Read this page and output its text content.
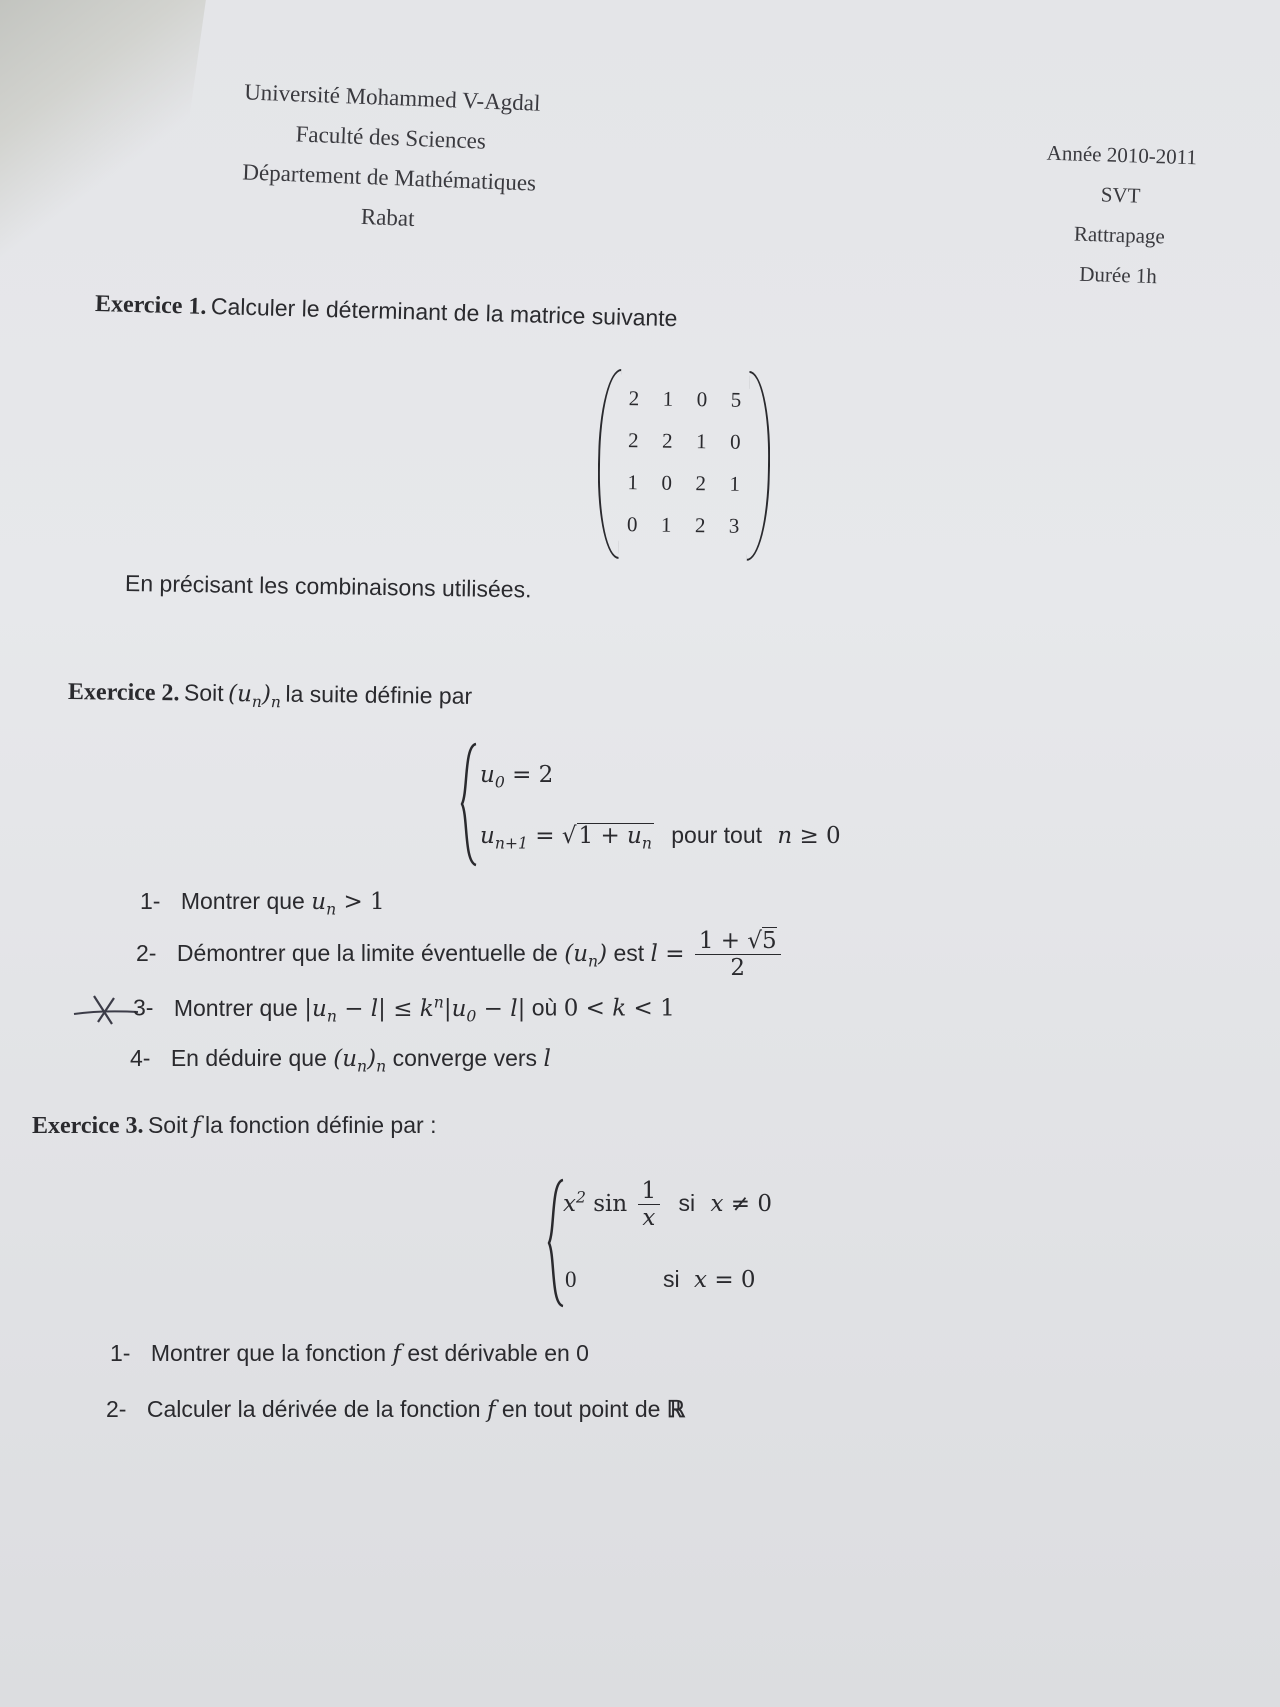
Université Mohammed V-Agdal
Faculté des Sciences
Département de Mathématiques
Rabat
Année 2010-2011
SVT
Rattrapage
Durée 1h
Exercice 1. Calculer le déterminant de la matrice suivante
2	1	0	5
2	2	1	0
1	0	2	1
0	1	2	3
En précisant les combinaisons utilisées.
Exercice 2. Soit $(u_n)_n$ la suite définie par
$u_0 = 2$
$u_{n+1} = √1 + u_n$ pour tout n ≥ 0
1- Montrer que $u_n > 1$
2- Démontrer que la limite éventuelle de $(u_n)$ est $l = \frac{1 + √5}{2}$
3- Montrer que $|u_n - l| \le k^n|u_0 - l|$ où 0 < k < 1
4- En déduire que $(u_n)_n$ converge vers l
Exercice 3. Soit f la fonction définie par :
$x^2$ $\sin \frac{1}{x}$ si x ≠ 0
0	si x = 0
1- Montrer que la fonction f est dérivable en 0
2- Calculer la dérivée de la fonction f en tout point de ℝ
